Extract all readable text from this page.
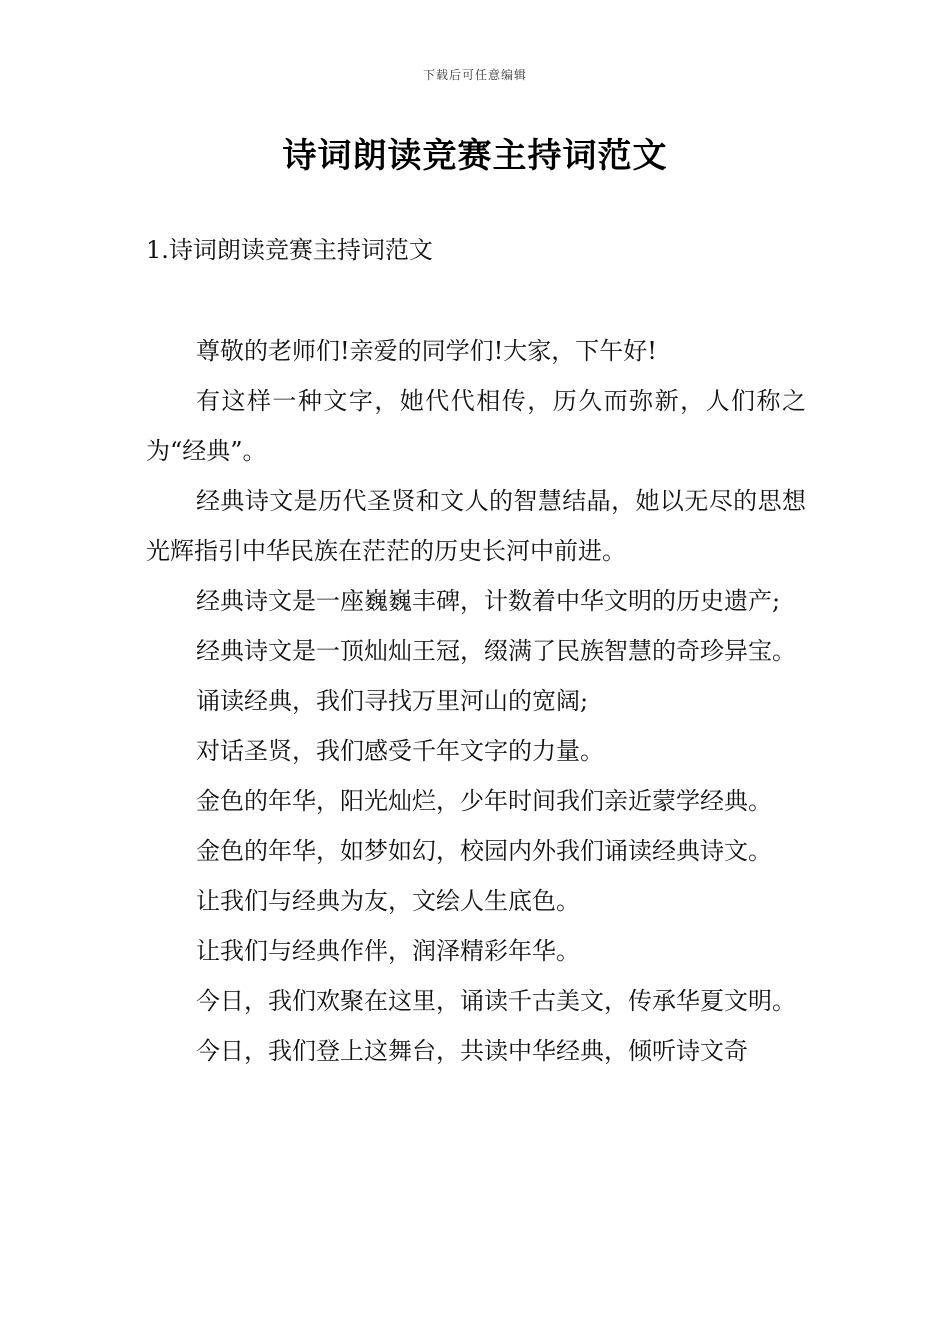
下载后可任意编辑
诗词朗读竞赛主持词范文
1.诗词朗读竞赛主持词范文

尊敬的老师们!亲爱的同学们!大家，下午好!

有这样一种文字，她代代相传，历久而弥新，人们称之为“经典”。

经典诗文是历代圣贤和文人的智慧结晶，她以无尽的思想光辉指引中华民族在茫茫的历史长河中前进。

经典诗文是一座巍巍丰碑，计数着中华文明的历史遗产;

经典诗文是一顶灿灿王冠，缀满了民族智慧的奇珍异宝。

诵读经典，我们寻找万里河山的宽阔;

对话圣贤，我们感受千年文字的力量。

金色的年华，阳光灿烂，少年时间我们亲近蒙学经典。

金色的年华，如梦如幻，校园内外我们诵读经典诗文。

让我们与经典为友，文绘人生底色。

让我们与经典作伴，润泽精彩年华。

今日，我们欢聚在这里，诵读千古美文，传承华夏文明。

今日，我们登上这舞台，共读中华经典，倾听诗文奇
